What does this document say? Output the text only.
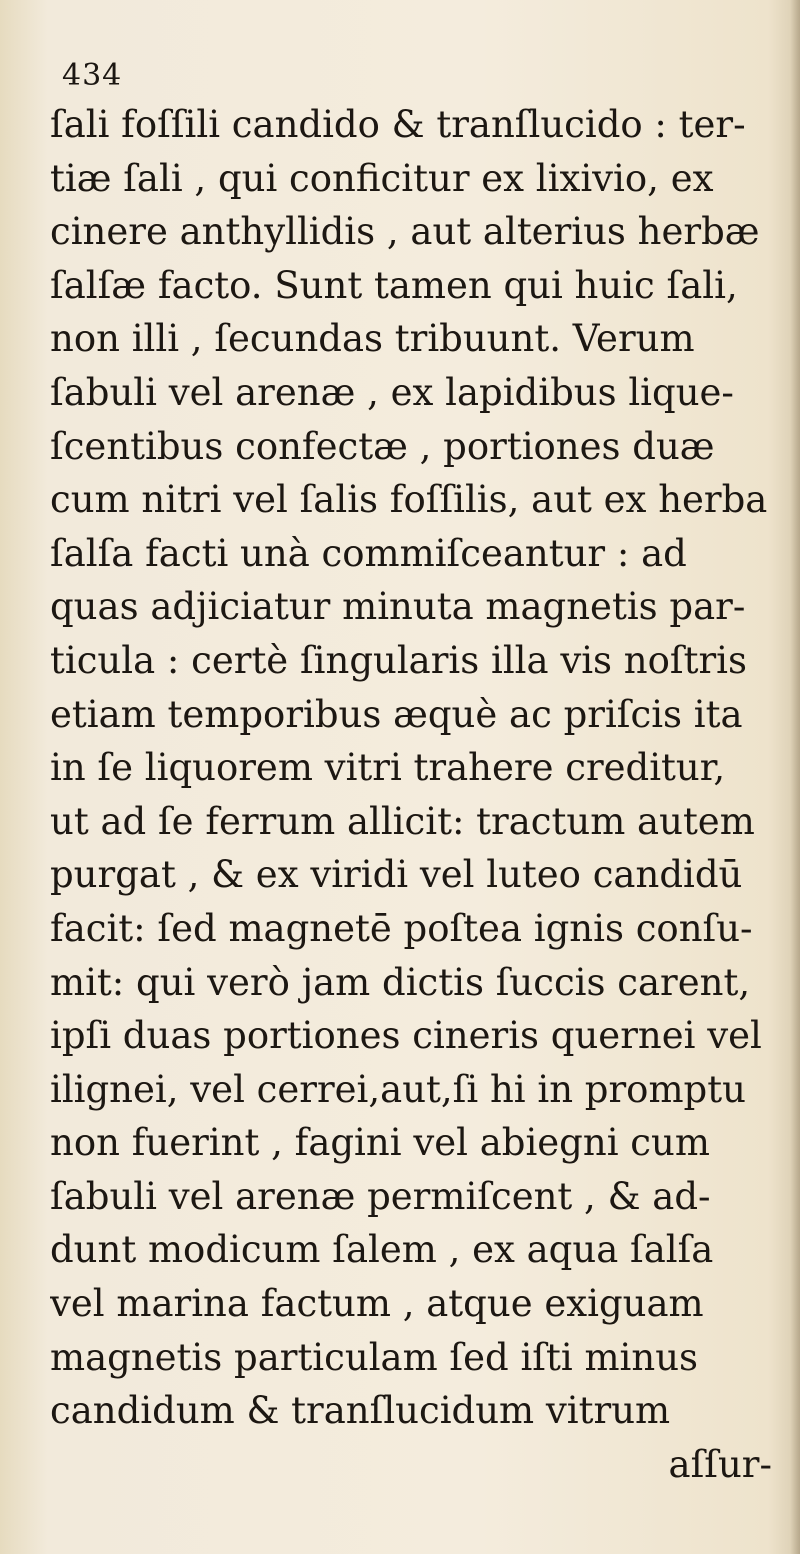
434
ſali foſſili candido & tranſlucido : ter-
tiæ ſali , qui conficitur ex lixivio, ex
cinere anthyllidis , aut alterius herbæ
ſalſæ facto. Sunt tamen qui huic ſali,
non illi , ſecundas tribuunt. Verum
ſabuli vel arenæ , ex lapidibus lique-
ſcentibus confectæ , portiones duæ
cum nitri vel ſalis foſſilis, aut ex herba
ſalſa facti unà commiſceantur : ad
quas adjiciatur minuta magnetis par-
ticula : certè ſingularis illa vis noſtris
etiam temporibus æquè ac priſcis ita
in ſe liquorem vitri trahere creditur,
ut ad ſe ferrum allicit: tractum autem
purgat , & ex viridi vel luteo candidū
facit: ſed magnetē poſtea ignis conſu-
mit: qui verò jam dictis ſuccis carent,
ipſi duas portiones cineris quernei vel
ilignei, vel cerrei,aut,ſi hi in promptu
non fuerint , fagini vel abiegni cum
ſabuli vel arenæ permiſcent , & ad-
dunt modicum ſalem , ex aqua ſalſa
vel marina factum , atque exiguam
magnetis particulam ſed iſti minus
candidum & tranſlucidum vitrum
aſſur-
